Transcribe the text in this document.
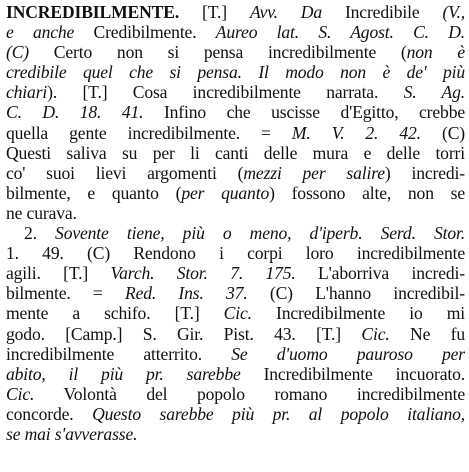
INCREDIBILMENTE. [T.] Avv. Da Incredibile (V.,
e anche Credibilmente. Aureo lat. S. Agost. C. D.
(C) Certo non si pensa incredibilmente (non è
credibile quel che si pensa. Il modo non è de' più
chiari). [T.] Cosa incredibilmente narrata. S. Ag.
C. D. 18. 41. Infino che uscisse d'Egitto, crebbe
quella gente incredibilmente. = M. V. 2. 42. (C)
Questi saliva su per li canti delle mura e delle torri
co' suoi lievi argomenti (mezzi per salire) incredi-
bilmente, e quanto (per quanto) fossono alte, non se
ne curava.
2. Sovente tiene, più o meno, d'iperb. Serd. Stor.
1. 49. (C) Rendono i corpi loro incredibilmente
agili. [T.] Varch. Stor. 7. 175. L'aborriva incredi-
bilmente. = Red. Ins. 37. (C) L'hanno incredibil-
mente a schifo. [T.] Cic. Incredibilmente io mi
godo. [Camp.] S. Gir. Pist. 43. [T.] Cic. Ne fu
incredibilmente atterrito. Se d'uomo pauroso per
abito, il più pr. sarebbe Incredibilmente incuorato.
Cic. Volontà del popolo romano incredibilmente
concorde. Questo sarebbe più pr. al popolo italiano,
se mai s'avverasse.
